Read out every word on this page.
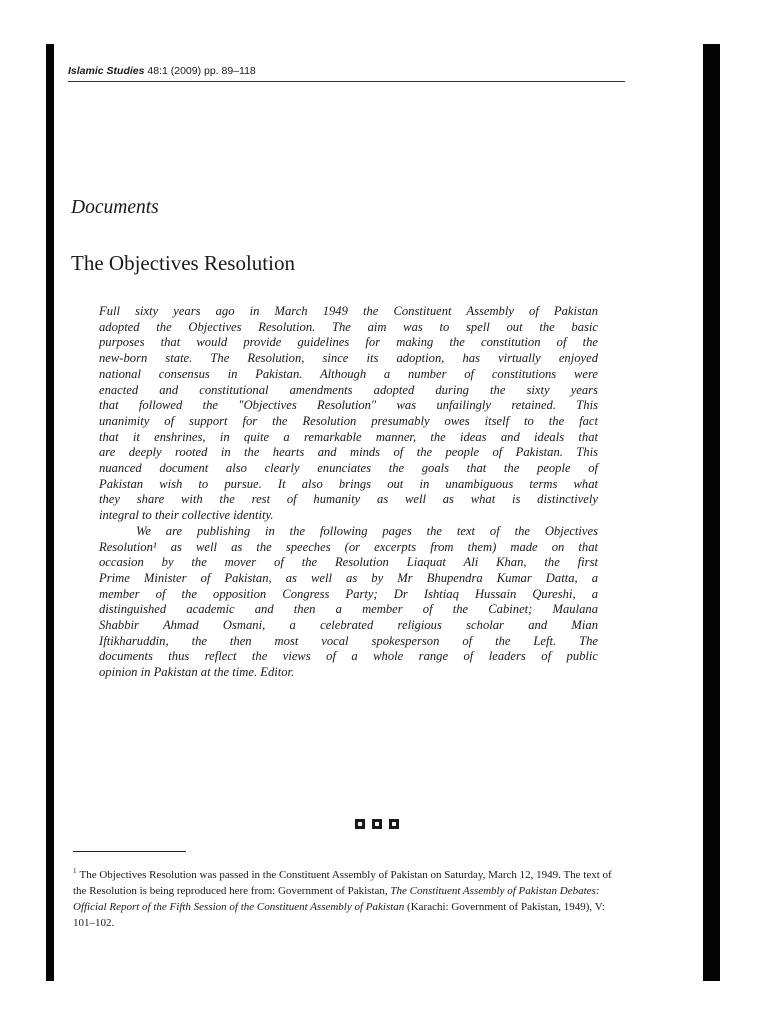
Islamic Studies 48:1 (2009) pp. 89–118
Documents
The Objectives Resolution
Full sixty years ago in March 1949 the Constituent Assembly of Pakistan
adopted the Objectives Resolution. The aim was to spell out the basic
purposes that would provide guidelines for making the constitution of the
new-born state. The Resolution, since its adoption, has virtually enjoyed
national consensus in Pakistan. Although a number of constitutions were
enacted and constitutional amendments adopted during the sixty years
that followed the "Objectives Resolution" was unfailingly retained. This
unanimity of support for the Resolution presumably owes itself to the fact
that it enshrines, in quite a remarkable manner, the ideas and ideals that
are deeply rooted in the hearts and minds of the people of Pakistan. This
nuanced document also clearly enunciates the goals that the people of
Pakistan wish to pursue. It also brings out in unambiguous terms what
they share with the rest of humanity as well as what is distinctively
integral to their collective identity.
We are publishing in the following pages the text of the Objectives
Resolution¹ as well as the speeches (or excerpts from them) made on that
occasion by the mover of the Resolution Liaquat Ali Khan, the first
Prime Minister of Pakistan, as well as by Mr Bhupendra Kumar Datta, a
member of the opposition Congress Party; Dr Ishtiaq Hussain Qureshi, a
distinguished academic and then a member of the Cabinet; Maulana
Shabbir Ahmad Osmani, a celebrated religious scholar and Mian
Iftikharuddin, the then most vocal spokesperson of the Left. The
documents thus reflect the views of a whole range of leaders of public
opinion in Pakistan at the time. Editor.
$^1$ The Objectives Resolution was passed in the Constituent Assembly of Pakistan on Saturday, March 12, 1949. The text of the Resolution is being reproduced here from: Government of Pakistan, The Constituent Assembly of Pakistan Debates: Official Report of the Fifth Session of the Constituent Assembly of Pakistan (Karachi: Government of Pakistan, 1949), V: 101–102.
